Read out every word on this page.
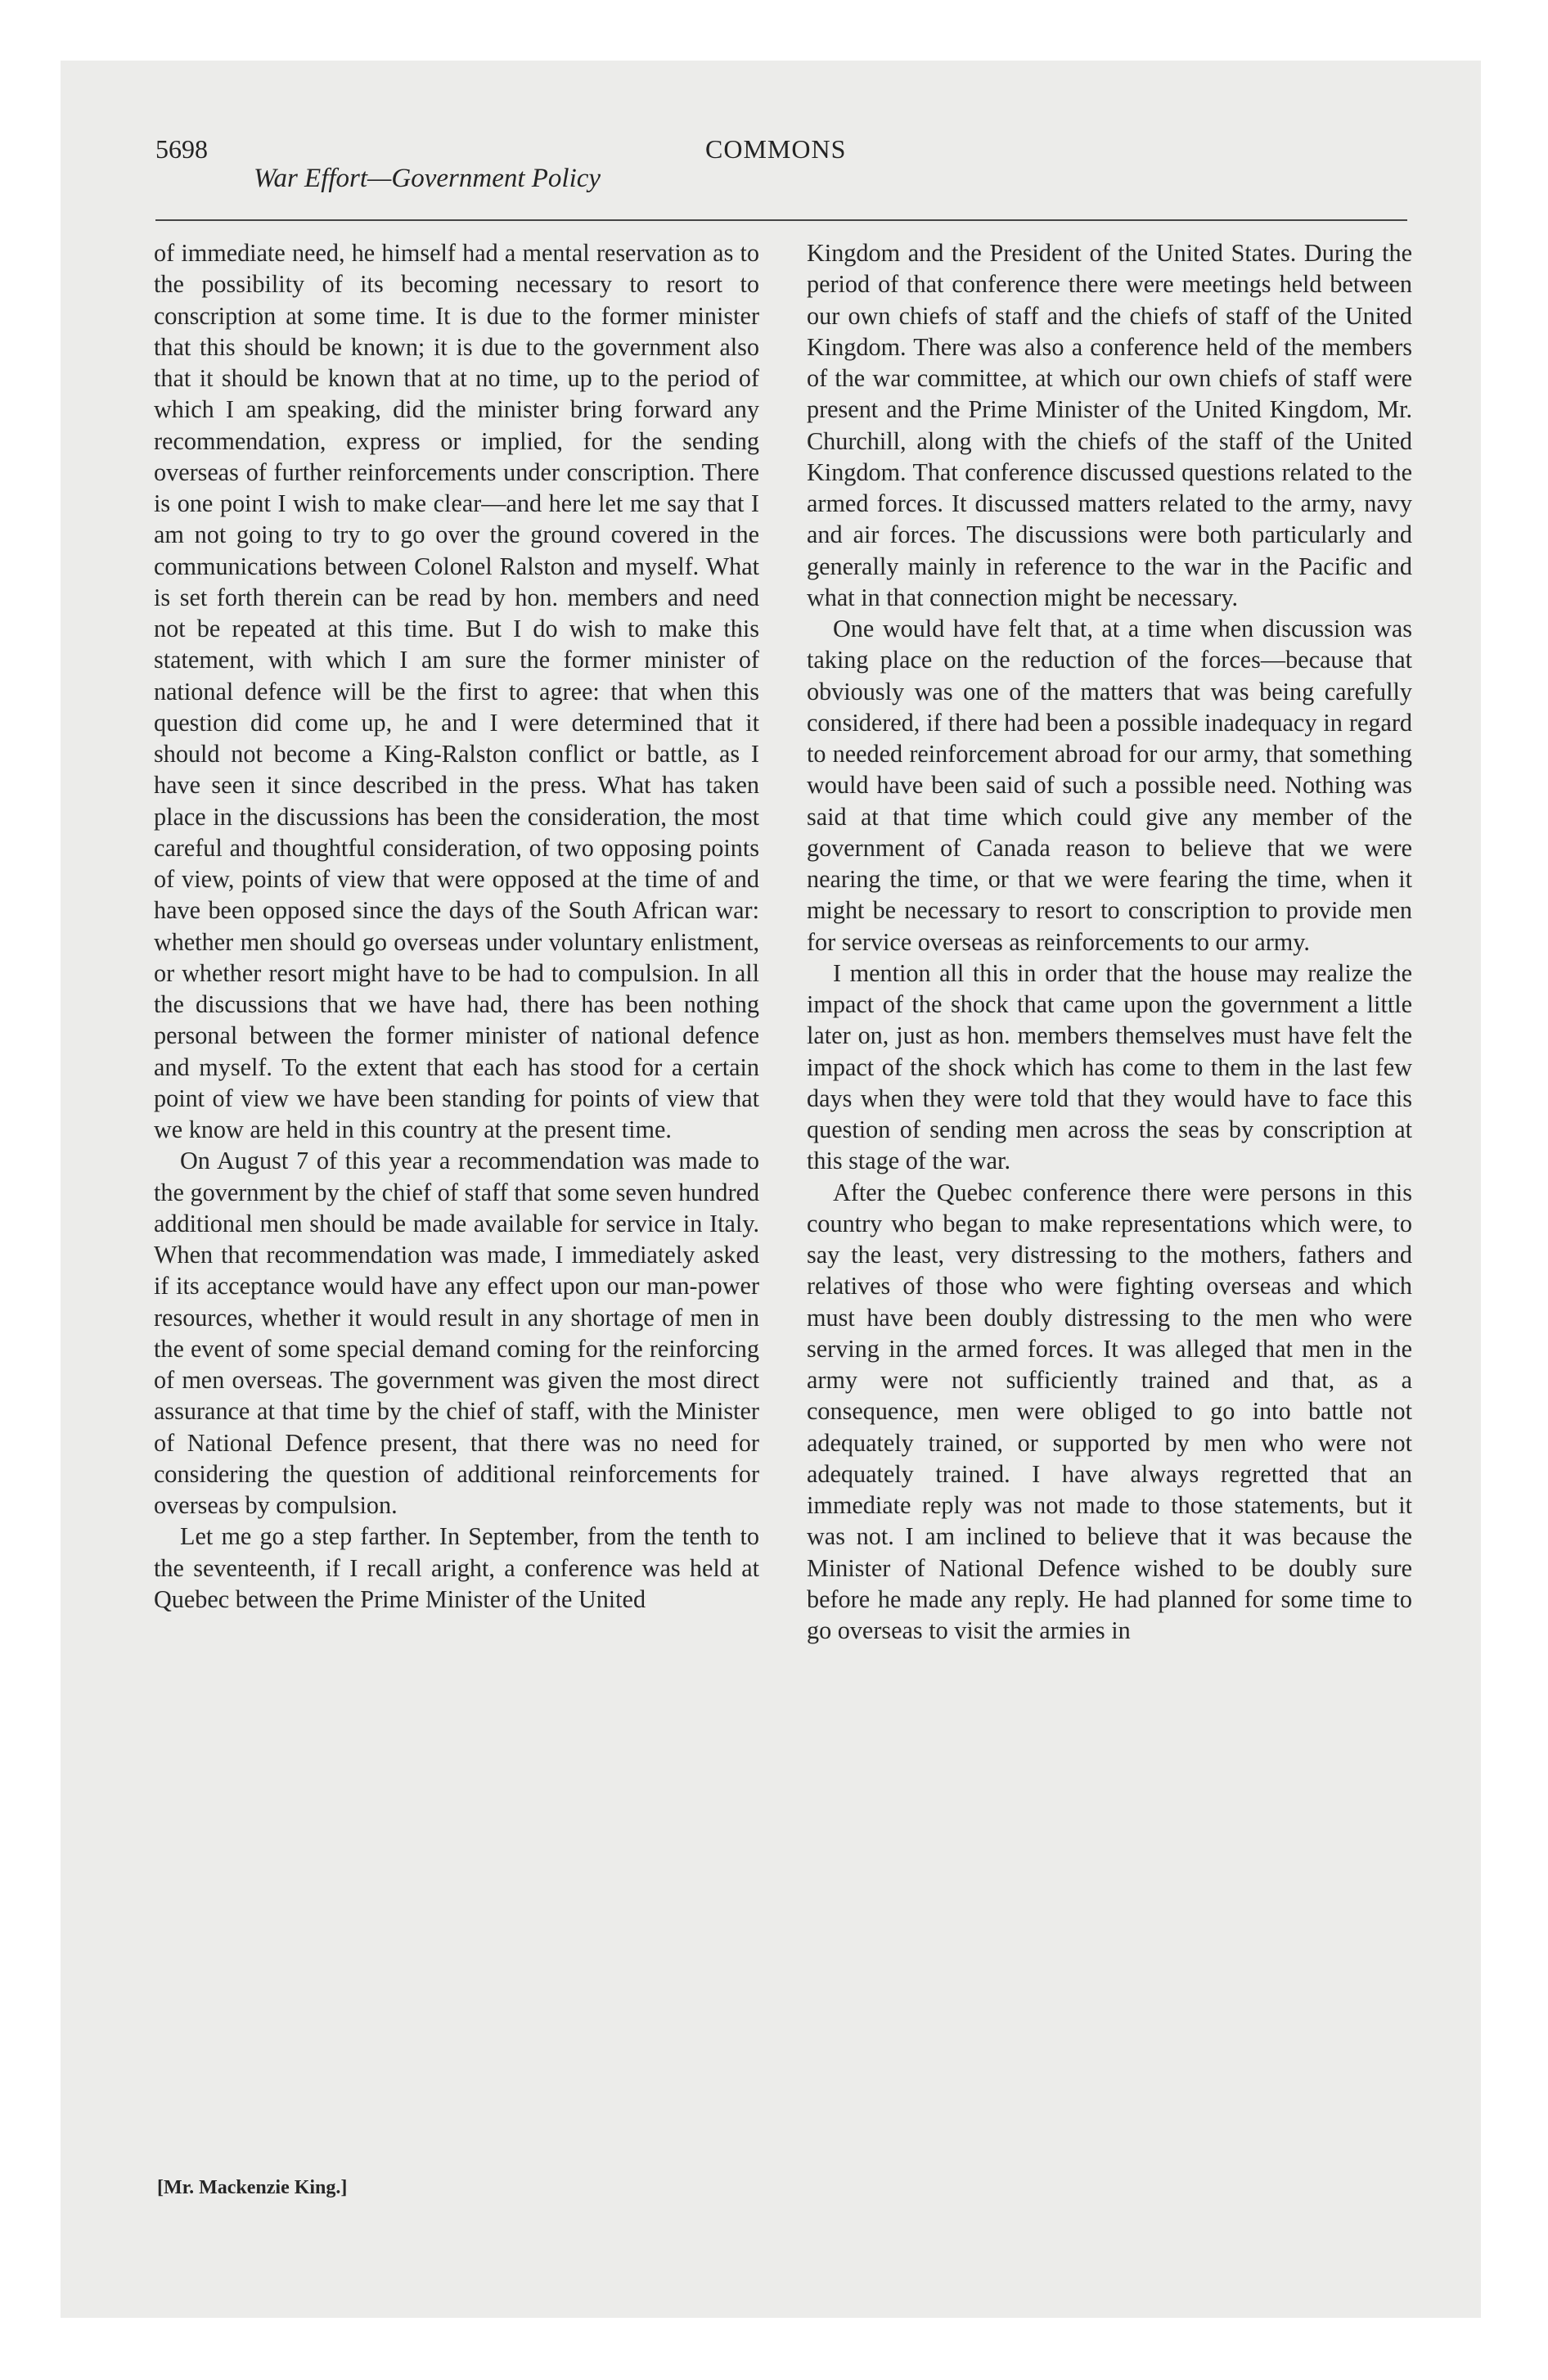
5698	COMMONS
War Effort—Government Policy

of immediate need, he himself had a mental reservation as to the possibility of its becoming necessary to resort to conscription at some time. It is due to the former minister that this should be known; it is due to the government also that it should be known that at no time, up to the period of which I am speaking, did the minister bring forward any recommendation, express or implied, for the sending overseas of further reinforcements under conscription. There is one point I wish to make clear—and here let me say that I am not going to try to go over the ground covered in the communications between Colonel Ralston and myself. What is set forth therein can be read by hon. members and need not be repeated at this time. But I do wish to make this statement, with which I am sure the former minister of national defence will be the first to agree: that when this question did come up, he and I were determined that it should not become a King-Ralston conflict or battle, as I have seen it since described in the press. What has taken place in the discussions has been the consideration, the most careful and thoughtful consideration, of two opposing points of view, points of view that were opposed at the time of and have been opposed since the days of the South African war: whether men should go overseas under voluntary enlistment, or whether resort might have to be had to compulsion. In all the discussions that we have had, there has been nothing personal between the former minister of national defence and myself. To the extent that each has stood for a certain point of view we have been standing for points of view that we know are held in this country at the present time.

On August 7 of this year a recommendation was made to the government by the chief of staff that some seven hundred additional men should be made available for service in Italy. When that recommendation was made, I immediately asked if its acceptance would have any effect upon our man-power resources, whether it would result in any shortage of men in the event of some special demand coming for the reinforcing of men overseas. The government was given the most direct assurance at that time by the chief of staff, with the Minister of National Defence present, that there was no need for considering the question of additional reinforcements for overseas by compulsion.

Let me go a step farther. In September, from the tenth to the seventeenth, if I recall aright, a conference was held at Quebec between the Prime Minister of the United

Kingdom and the President of the United States. During the period of that conference there were meetings held between our own chiefs of staff and the chiefs of staff of the United Kingdom. There was also a conference held of the members of the war committee, at which our own chiefs of staff were present and the Prime Minister of the United Kingdom, Mr. Churchill, along with the chiefs of the staff of the United Kingdom. That conference discussed questions related to the armed forces. It discussed matters related to the army, navy and air forces. The discussions were both particularly and generally mainly in reference to the war in the Pacific and what in that connection might be necessary.

One would have felt that, at a time when discussion was taking place on the reduction of the forces—because that obviously was one of the matters that was being carefully considered, if there had been a possible inadequacy in regard to needed reinforcement abroad for our army, that something would have been said of such a possible need. Nothing was said at that time which could give any member of the government of Canada reason to believe that we were nearing the time, or that we were fearing the time, when it might be necessary to resort to conscription to provide men for service overseas as reinforcements to our army.

I mention all this in order that the house may realize the impact of the shock that came upon the government a little later on, just as hon. members themselves must have felt the impact of the shock which has come to them in the last few days when they were told that they would have to face this question of sending men across the seas by conscription at this stage of the war.

After the Quebec conference there were persons in this country who began to make representations which were, to say the least, very distressing to the mothers, fathers and relatives of those who were fighting overseas and which must have been doubly distressing to the men who were serving in the armed forces. It was alleged that men in the army were not sufficiently trained and that, as a consequence, men were obliged to go into battle not adequately trained, or supported by men who were not adequately trained. I have always regretted that an immediate reply was not made to those statements, but it was not. I am inclined to believe that it was because the Minister of National Defence wished to be doubly sure before he made any reply. He had planned for some time to go overseas to visit the armies in

[Mr. Mackenzie King.]
